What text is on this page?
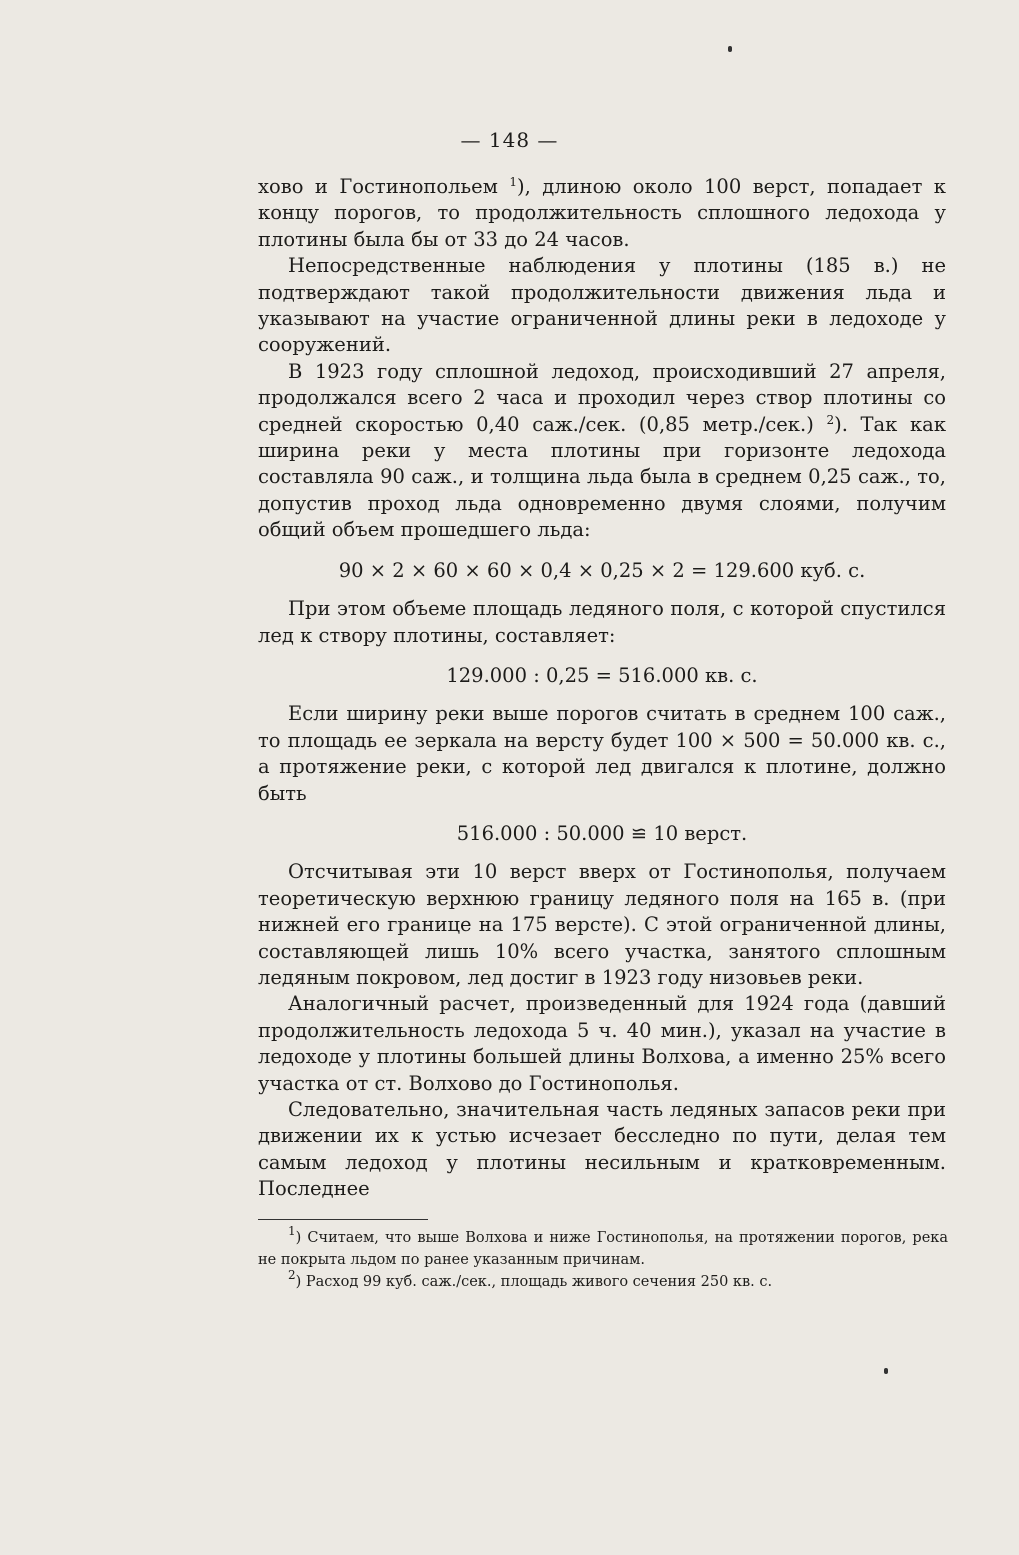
— 148 —

хово и Гостинопольем $^1$), длиною около 100 верст, попадает к концу порогов, то продолжительность сплошного ледохода у плотины была бы от 33 до 24 часов.

Непосредственные наблюдения у плотины (185 в.) не подтверждают такой продолжительности движения льда и указывают на участие ограниченной длины реки в ледоходе у сооружений.

В 1923 году сплошной ледоход, происходивший 27 апреля, продолжался всего 2 часа и проходил через створ плотины со средней скоростью 0,40 саж./сек. (0,85 метр./сек.) $^2$). Так как ширина реки у места плотины при горизонте ледохода составляла 90 саж., и толщина льда была в среднем 0,25 саж., то, допустив проход льда одновременно двумя слоями, получим общий объем прошедшего льда:

90 × 2 × 60 × 60 × 0,4 × 0,25 × 2 = 129.600 куб. с.

При этом объеме площадь ледяного поля, с которой спустился лед к створу плотины, составляет:

129.000 : 0,25 = 516.000 кв. с.

Если ширину реки выше порогов считать в среднем 100 саж., то площадь ее зеркала на версту будет 100 × 500 = 50.000 кв. с., а протяжение реки, с которой лед двигался к плотине, должно быть

516.000 : 50.000 ≌ 10 верст.

Отсчитывая эти 10 верст вверх от Гостинополья, получаем теоретическую верхнюю границу ледяного поля на 165 в. (при нижней его границе на 175 версте). С этой ограниченной длины, составляющей лишь 10% всего участка, занятого сплошным ледяным покровом, лед достиг в 1923 году низовьев реки.

Аналогичный расчет, произведенный для 1924 года (давший продолжительность ледохода 5 ч. 40 мин.), указал на участие в ледоходе у плотины большей длины Волхова, а именно 25% всего участка от ст. Волхово до Гостинополья.

Следовательно, значительная часть ледяных запасов реки при движении их к устью исчезает бесследно по пути, делая тем самым ледоход у плотины несильным и кратковременным. Последнее

$^1$) Считаем, что выше Волхова и ниже Гостинополья, на протяжении порогов, река не покрыта льдом по ранее указанным причинам.

$^2$) Расход 99 куб. саж./сек., площадь живого сечения 250 кв. с.
